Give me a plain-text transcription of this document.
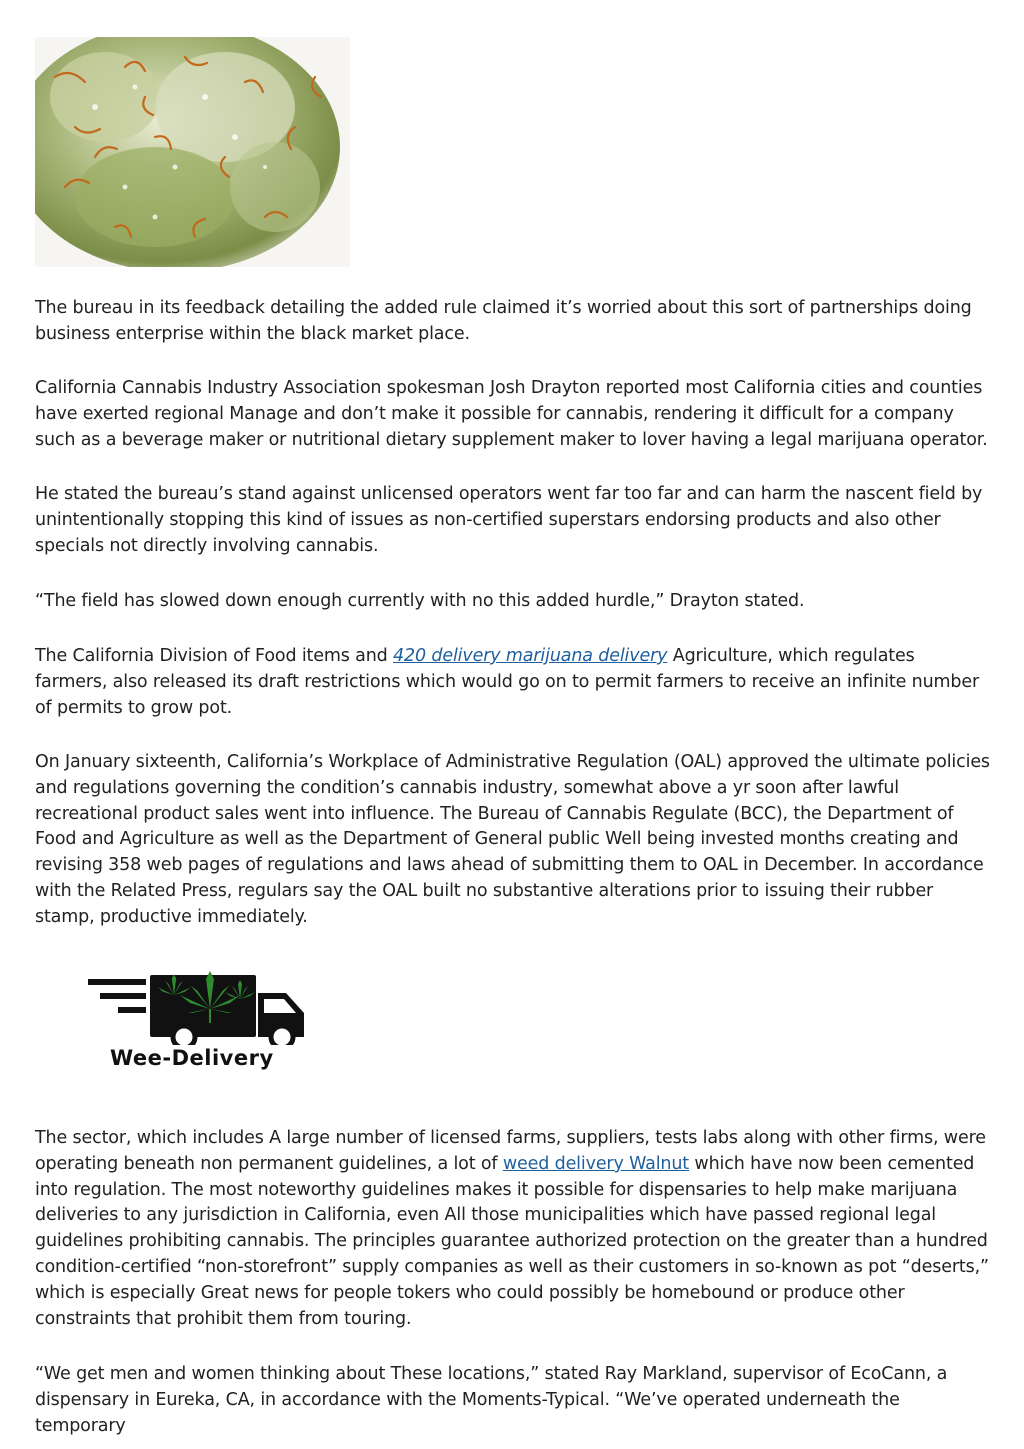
The bureau in its feedback detailing the added rule claimed it’s worried about this sort of partnerships doing business enterprise within the black market place.

California Cannabis Industry Association spokesman Josh Drayton reported most California cities and counties have exerted regional Manage and don’t make it possible for cannabis, rendering it difficult for a company such as a beverage maker or nutritional dietary supplement maker to lover having a legal marijuana operator.

He stated the bureau’s stand against unlicensed operators went far too far and can harm the nascent field by unintentionally stopping this kind of issues as non-certified superstars endorsing products and also other specials not directly involving cannabis.

“The field has slowed down enough currently with no this added hurdle,” Drayton stated.

The California Division of Food items and 420 delivery marijuana delivery Agriculture, which regulates farmers, also released its draft restrictions which would go on to permit farmers to receive an infinite number of permits to grow pot.

On January sixteenth, California’s Workplace of Administrative Regulation (OAL) approved the ultimate policies and regulations governing the condition’s cannabis industry, somewhat above a yr soon after lawful recreational product sales went into influence. The Bureau of Cannabis Regulate (BCC), the Department of Food and Agriculture as well as the Department of General public Well being invested months creating and revising 358 web pages of regulations and laws ahead of submitting them to OAL in December. In accordance with the Related Press, regulars say the OAL built no substantive alterations prior to issuing their rubber stamp, productive immediately.

Wee-Delivery

The sector, which includes A large number of licensed farms, suppliers, tests labs along with other firms, were operating beneath non permanent guidelines, a lot of weed delivery Walnut which have now been cemented into regulation. The most noteworthy guidelines makes it possible for dispensaries to help make marijuana deliveries to any jurisdiction in California, even All those municipalities which have passed regional legal guidelines prohibiting cannabis. The principles guarantee authorized protection on the greater than a hundred condition-certified “non-storefront” supply companies as well as their customers in so-known as pot “deserts,” which is especially Great news for people tokers who could possibly be homebound or produce other constraints that prohibit them from touring.

“We get men and women thinking about These locations,” stated Ray Markland, supervisor of EcoCann, a dispensary in Eureka, CA, in accordance with the Moments-Typical. “We’ve operated underneath the temporary
